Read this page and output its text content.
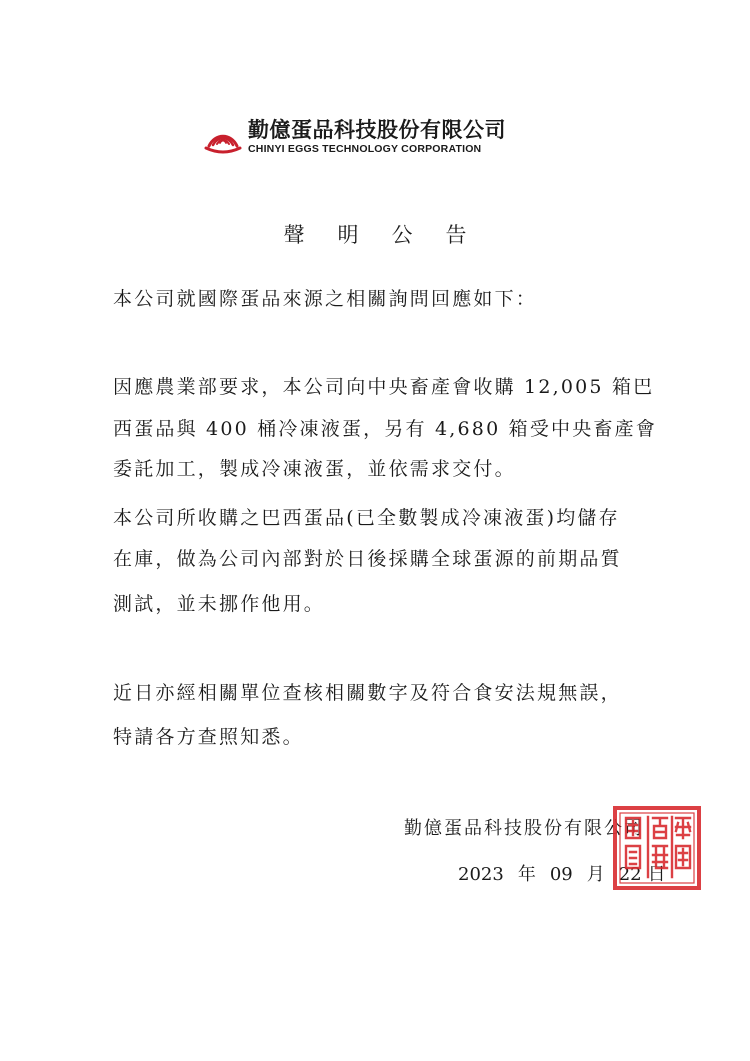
勤億蛋品科技股份有限公司
CHINYI EGGS TECHNOLOGY CORPORATION
聲明公告
本公司就國際蛋品來源之相關詢問回應如下：
因應農業部要求，本公司向中央畜產會收購 12,005 箱巴
西蛋品與 400 桶冷凍液蛋，另有 4,680 箱受中央畜產會
委託加工，製成冷凍液蛋，並依需求交付。
本公司所收購之巴西蛋品(已全數製成冷凍液蛋)均儲存
在庫，做為公司內部對於日後採購全球蛋源的前期品質
測試，並未挪作他用。
近日亦經相關單位查核相關數字及符合食安法規無誤，
特請各方查照知悉。
勤億蛋品科技股份有限公司
2023 年 09 月 22 日
